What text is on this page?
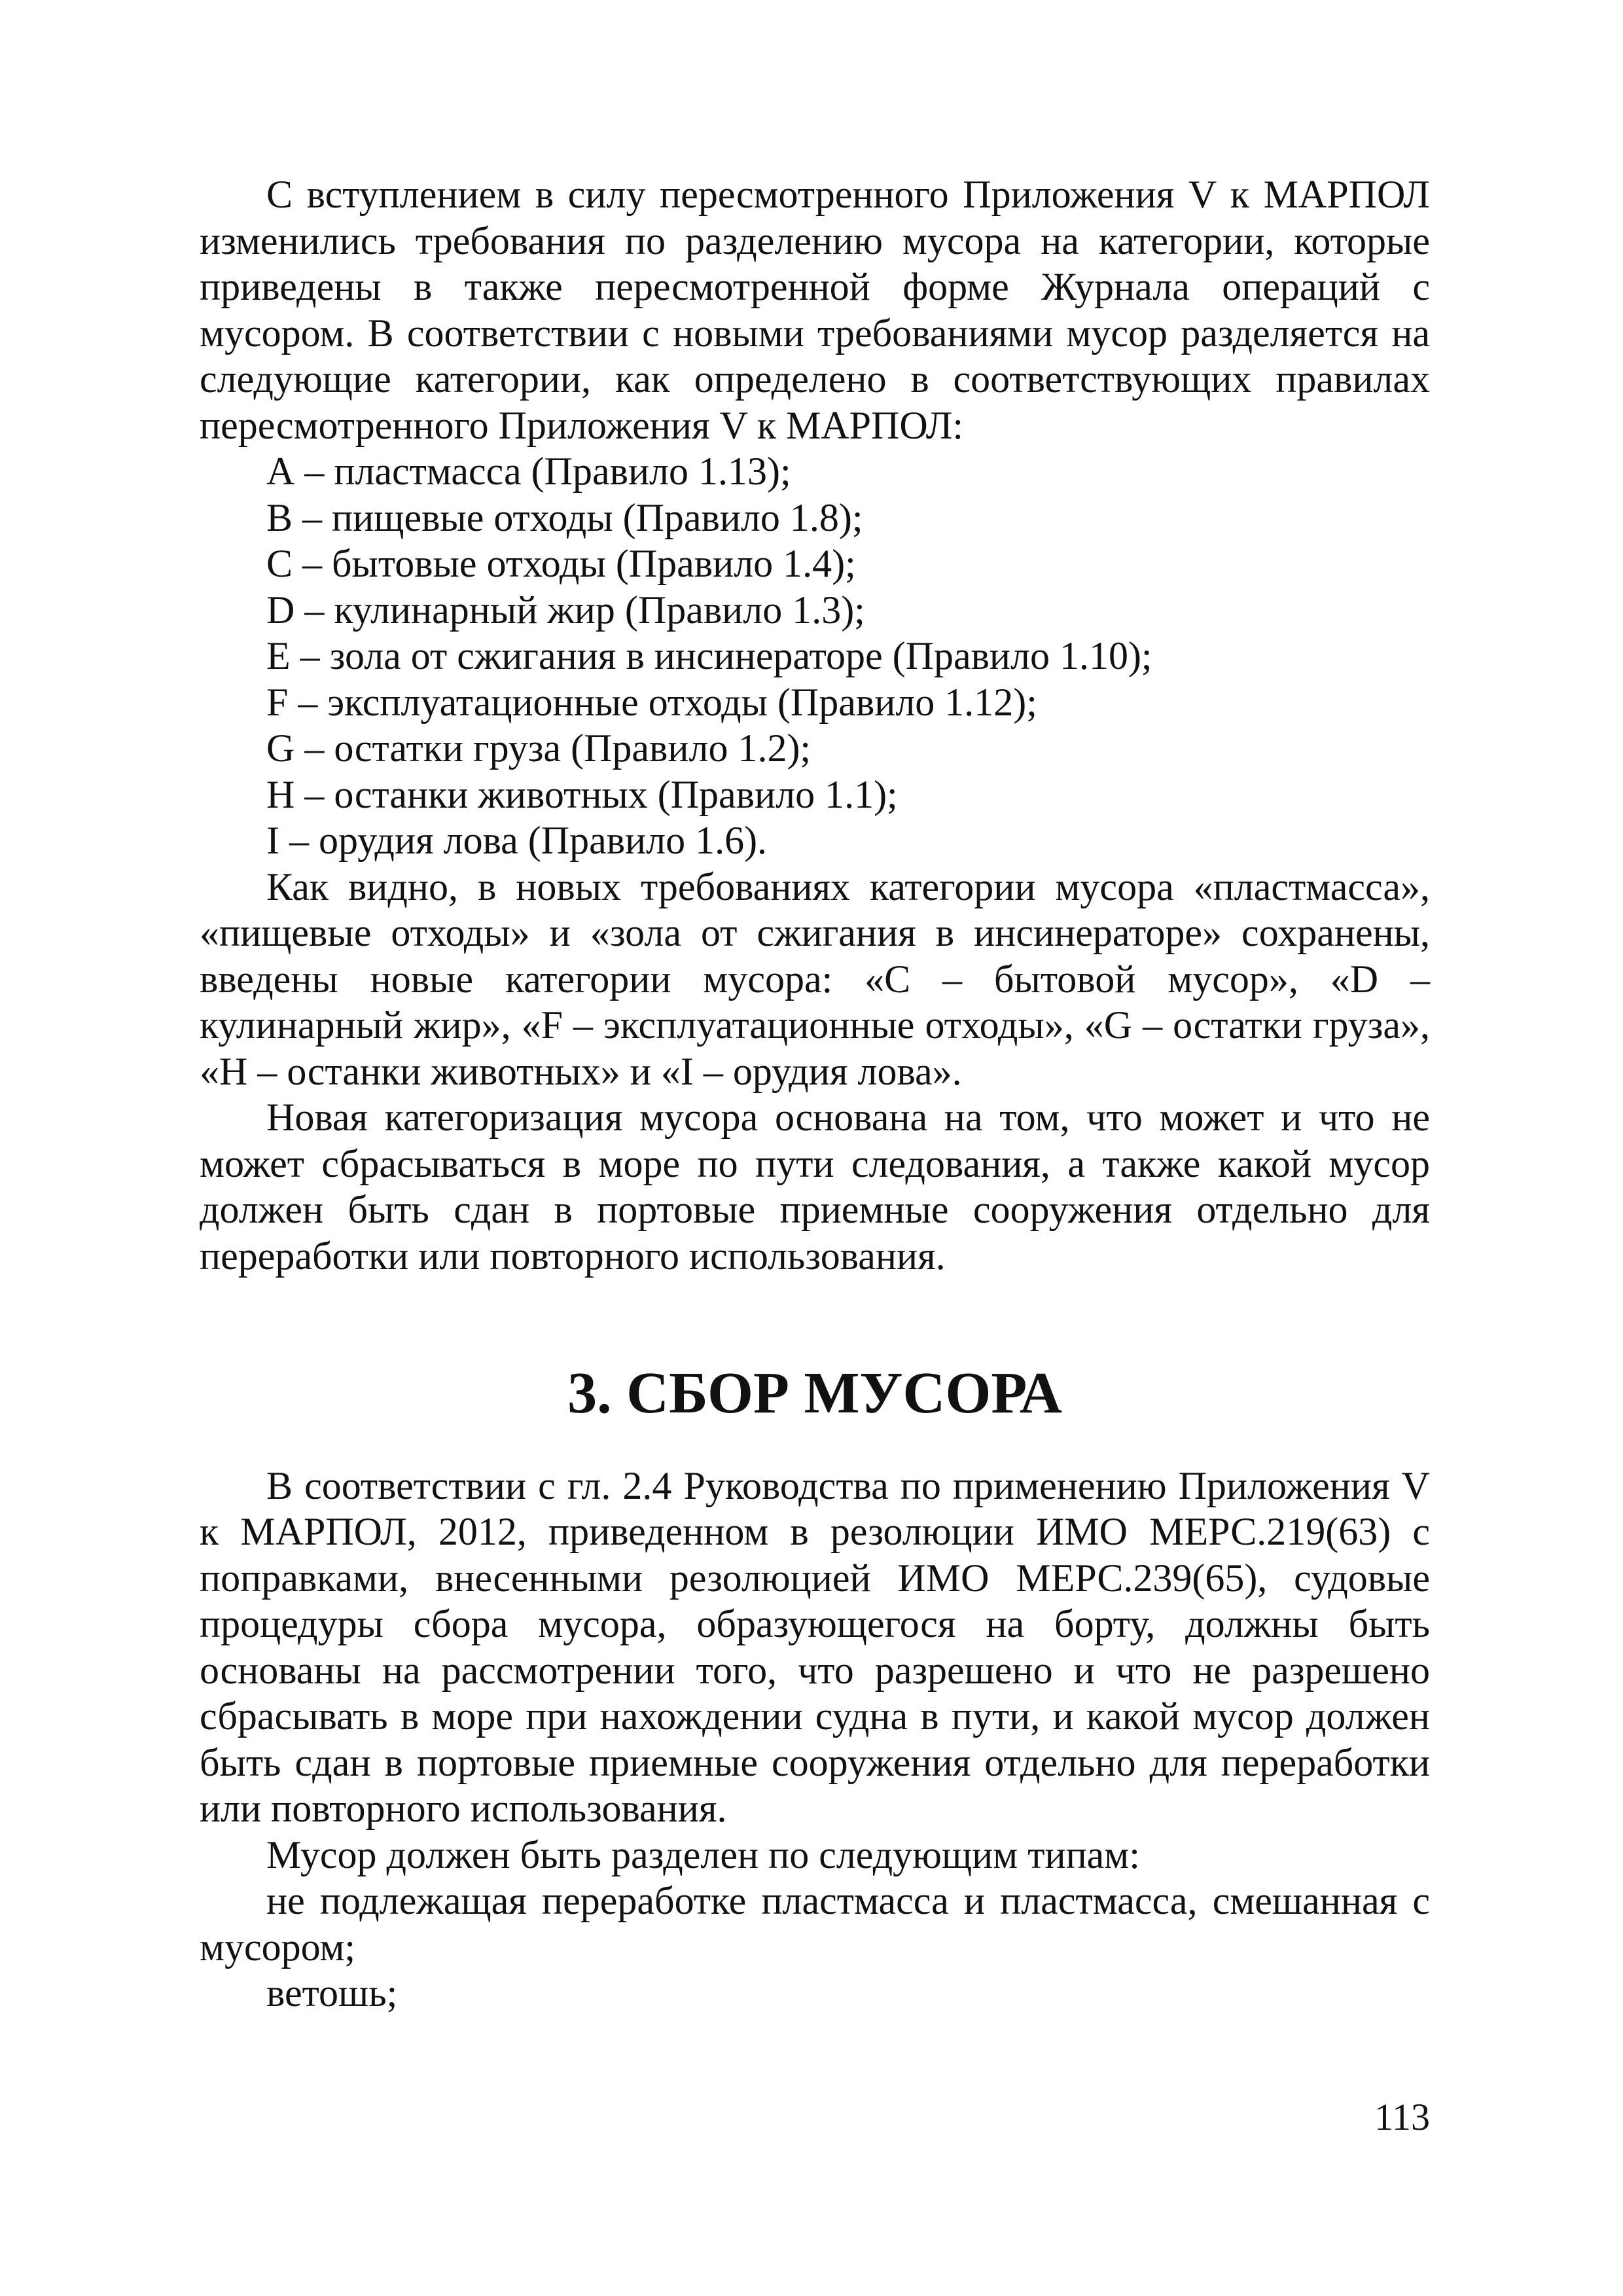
С вступлением в силу пересмотренного Приложения V к МАРПОЛ изменились требования по разделению мусора на категории, которые приведены в также пересмотренной форме Журнала операций с мусором. В соответствии с новыми требованиями мусор разделяется на следующие категории, как определено в соответствующих правилах пересмотренного Приложения V к МАРПОЛ:

А – пластмасса (Правило 1.13);

В – пищевые отходы (Правило 1.8);

С – бытовые отходы (Правило 1.4);

D – кулинарный жир (Правило 1.3);

Е – зола от сжигания в инсинераторе (Правило 1.10);

F – эксплуатационные отходы (Правило 1.12);

G – остатки груза (Правило 1.2);

Н – останки животных (Правило 1.1);

I – орудия лова (Правило 1.6).

Как видно, в новых требованиях категории мусора «пластмасса», «пищевые отходы» и «зола от сжигания в инсинераторе» сохранены, введены новые категории мусора: «С – бытовой мусор», «D – кулинарный жир», «F – эксплуатационные отходы», «G – остатки груза», «Н – останки животных» и «I – орудия лова».

Новая категоризация мусора основана на том, что может и что не может сбрасываться в море по пути следования, а также какой мусор должен быть сдан в портовые приемные сооружения отдельно для переработки или повторного использования.

3. СБОР МУСОРА

В соответствии с гл. 2.4 Руководства по применению Приложения V к МАРПОЛ, 2012, приведенном в резолюции ИМО МЕРС.219(63) с поправками, внесенными резолюцией ИМО МЕРС.239(65), судовые процедуры сбора мусора, образующегося на борту, должны быть основаны на рассмотрении того, что разрешено и что не разрешено сбрасывать в море при нахождении судна в пути, и какой мусор должен быть сдан в портовые приемные сооружения отдельно для переработки или повторного использования.

Мусор должен быть разделен по следующим типам:

не подлежащая переработке пластмасса и пластмасса, смешанная с мусором;

ветошь;

113
